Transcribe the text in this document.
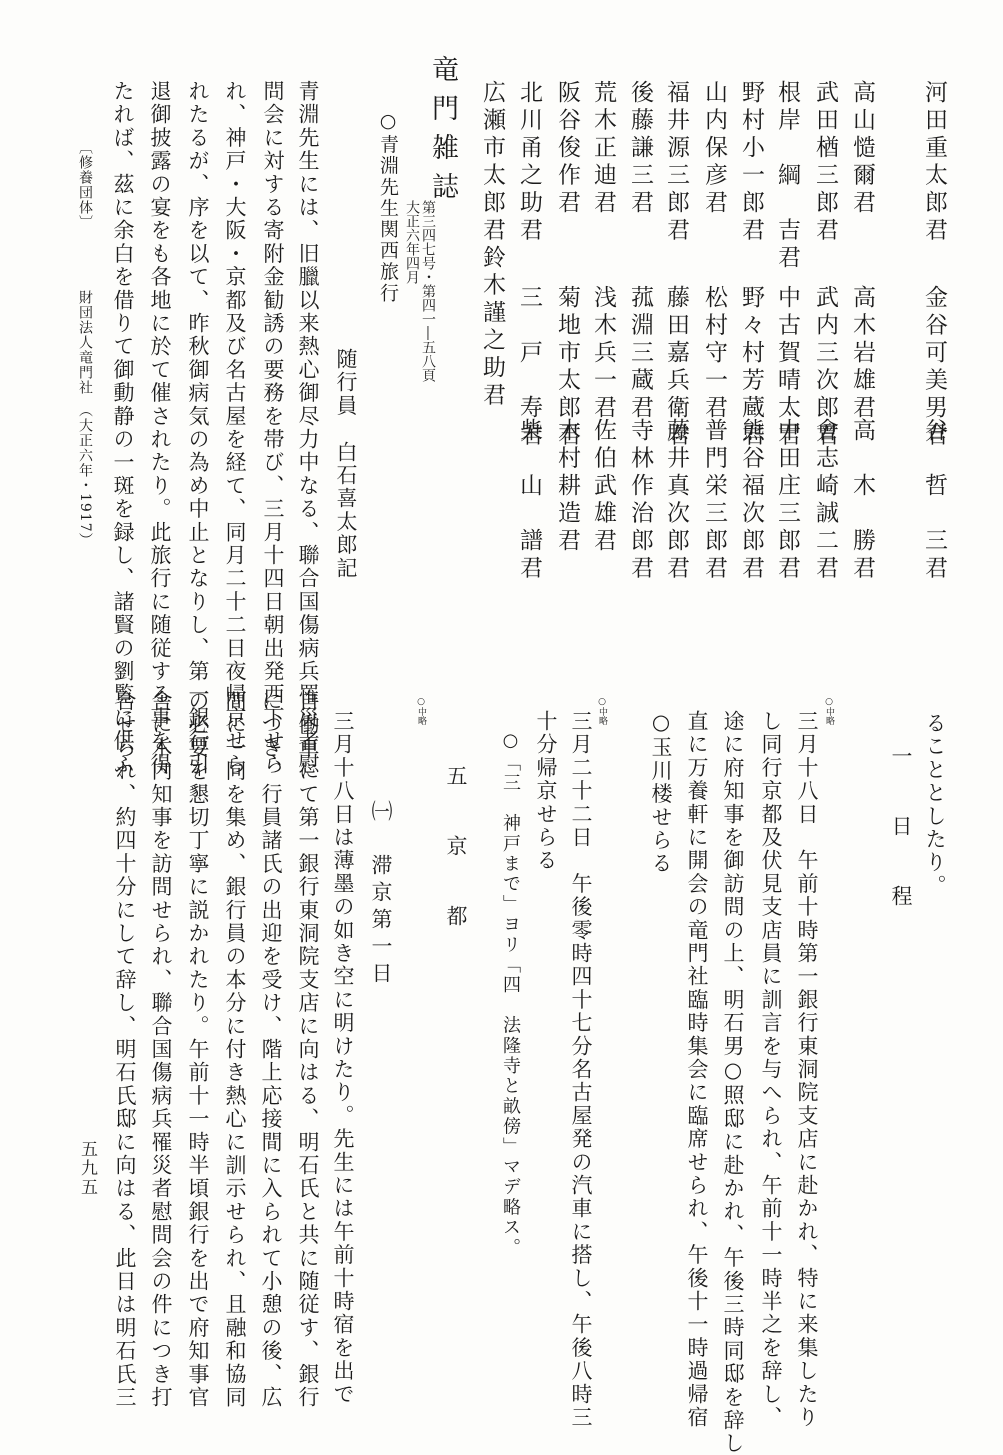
河田重太郎君
金谷可美男君
谷　哲　三君
高山慥爾君
高木岩雄君
高　木　勝君
武田楢三郎君
武内三次郎君
會志崎誠二君
根岸　綱　吉君
中古賀晴太君
中田庄三郎君
野村小一郎君
野々村芳蔵君
熊谷福次郎君
山内保彦君
松村守一君
普門栄三郎君
福井源三郎君
藤田嘉兵衛君
藤井真次郎君
後藤謙三君
菰淵三蔵君
寺林作治郎君
荒木正迪君
浅木兵一君
佐伯武雄君
阪谷俊作君
菊地市太郎君
木村耕造君
北川甬之助君
三　戸　寿君
柴　山　譜君
広瀬市太郎君
鈴木謹之助君
竜門雑誌
第三四七号・第四一―五八頁
大正六年四月
○青淵先生関西旅行
随行員　白石喜太郎記
青淵先生には、旧臘以来熱心御尽力中なる、聯合国傷病兵罹災者慰
問会に対する寄附金勧誘の要務を帯び、三月十四日朝出発西下せら
れ、神戸・大阪・京都及び名古屋を経て、同月二十二日夜帰京せら
れたるが、序を以て、昨秋御病気の為め中止となりし、第一銀行引
退御披露の宴をも各地に於て催されたり。此旅行に随従する事を得
たれば、茲に余白を借りて御動静の一斑を録し、諸賢の劉覧に供ふ
〔修養団体〕
財団法人竜門社　（大正六年・1917）
五九五
ることとしたり。
一　日　程
○中略
三月十八日　午前十時第一銀行東洞院支店に赴かれ、特に来集したり
し同行京都及伏見支店員に訓言を与へられ、午前十一時半之を辞し、
途に府知事を御訪問の上、明石男○照邸に赴かれ、午後三時同邸を辞し
直に万養軒に開会の竜門社臨時集会に臨席せられ、午後十一時過帰宿
○玉川楼せらる
○中略
三月二十二日　午後零時四十七分名古屋発の汽車に搭し、午後八時三
十分帰京せらる
○「三　神戸まで」ヨリ「四　法隆寺と畝傍」マデ略ス。
五　京　都
○中略
㈠　滞京第一日
三月十八日は薄墨の如き空に明けたり。先生には午前十時宿を出で
自働車にて第一銀行東洞院支店に向はる、明石氏と共に随従す、銀行
につき、行員諸氏の出迎を受け、階上応接間に入られて小憩の後、広
間に一同を集め、銀行員の本分に付き熱心に訓示せられ、且融和協同
の必要を懇切丁寧に説かれたり。午前十一時半頃銀行を出で府知事官
舎に木内知事を訪問せられ、聯合国傷病兵罹災者慰問会の件につき打
合せられ、約四十分にして辞し、明石氏邸に向はる、此日は明石氏三
